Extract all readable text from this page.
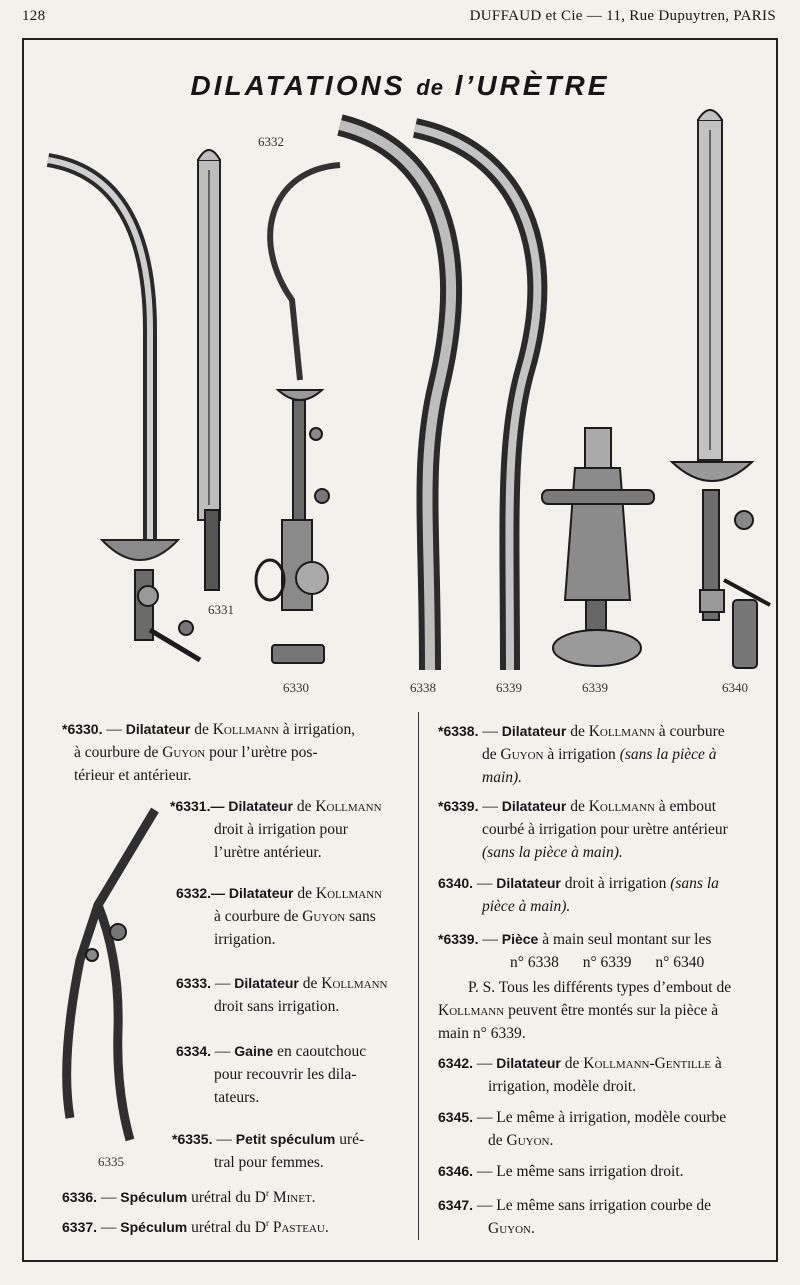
128	DUFFAUD et Cie — 11, Rue Dupuytren, PARIS
DILATATIONS de l’URÈTRE
6332
6331
6330	6338	6339	6339	6340
6335
*6330. — Dilatateur de Kollmann à irrigation,
à courbure de Guyon pour l’urètre pos-
térieur et antérieur.
*6331.— Dilatateur de Kollmann
droit à irrigation pour
l’urètre antérieur.
6332.— Dilatateur de Kollmann
à courbure de Guyon sans
irrigation.
6333. — Dilatateur de Kollmann
droit sans irrigation.
6334. — Gaine en caoutchouc
pour recouvrir les dila-
tateurs.
*6335. — Petit spéculum uré-
tral pour femmes.
6336. — Spéculum urétral du $D^r$ Minet.
6337. — Spéculum urétral du $D^r$ Pasteau.
*6338. — Dilatateur de Kollmann à courbure
de Guyon à irrigation (sans la pièce à
main).
*6339. — Dilatateur de Kollmann à embout
courbé à irrigation pour urètre antérieur
(sans la pièce à main).
6340. — Dilatateur droit à irrigation (sans la
pièce à main).
*6339. — Pièce à main seul montant sur les
n° 6338 n° 6339 n° 6340
P. S. Tous les différents types d’embout de
Kollmann peuvent être montés sur la pièce à
main n° 6339.
6342. — Dilatateur de Kollmann-Gentille à
irrigation, modèle droit.
6345. — Le même à irrigation, modèle courbe
de Guyon.
6346. — Le même sans irrigation droit.
6347. — Le même sans irrigation courbe de
Guyon.
